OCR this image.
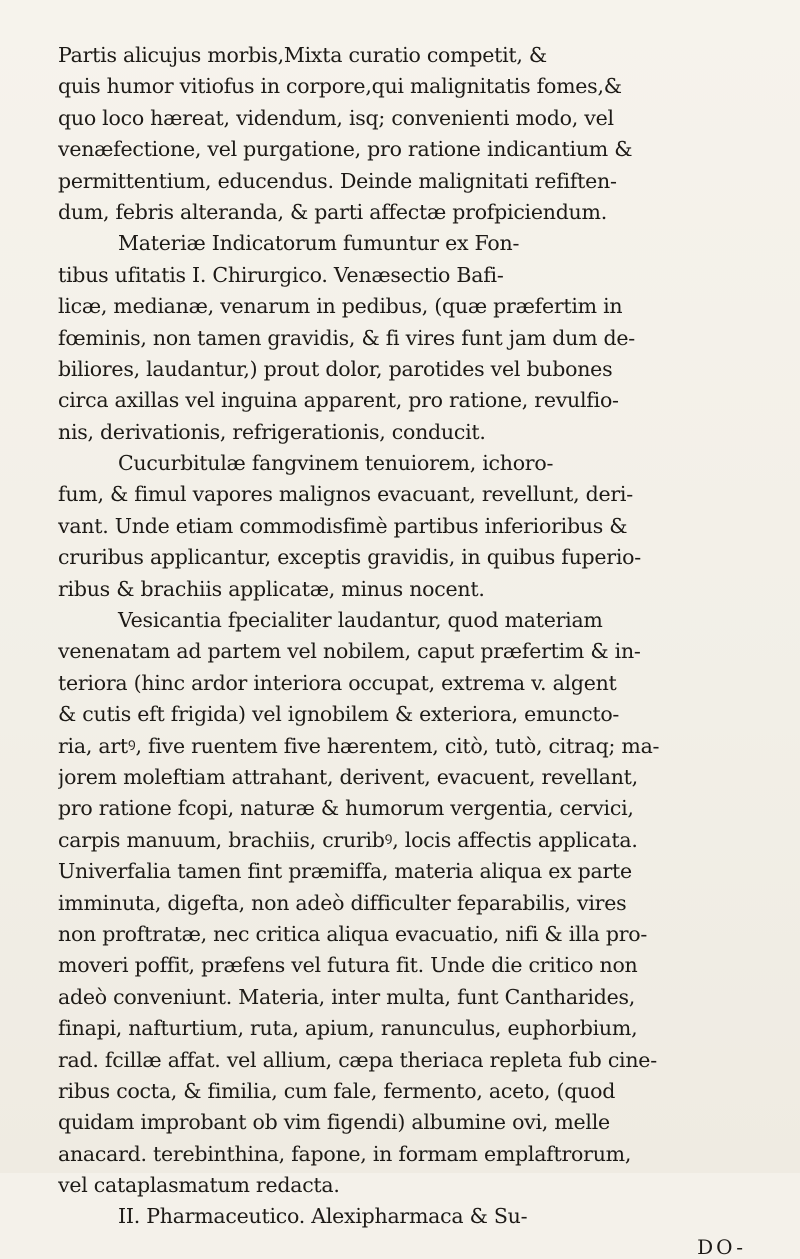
Partis alicujus morbis,Mixta curatio competit, &
quis humor vitiofus in corpore,qui malignitatis fomes,&
quo loco hæreat, videndum, isq; convenienti modo, vel
venæfectione, vel purgatione, pro ratione indicantium &
permittentium, educendus. Deinde malignitati refiften-
dum, febris alteranda, & parti affectæ profpiciendum.
Materiæ Indicatorum fumuntur ex Fon-
tibus ufitatis I. Chirurgico. Venæsectio Bafi-
licæ, medianæ, venarum in pedibus, (quæ præfertim in
fœminis, non tamen gravidis, & fi vires funt jam dum de-
biliores, laudantur,) prout dolor, parotides vel bubones
circa axillas vel inguina apparent, pro ratione, revulfio-
nis, derivationis, refrigerationis, conducit.
Cucurbitulæ fangvinem tenuiorem, ichoro-
fum, & fimul vapores malignos evacuant, revellunt, deri-
vant. Unde etiam commodisfimè partibus inferioribus &
cruribus applicantur, exceptis gravidis, in quibus fuperio-
ribus & brachiis applicatæ, minus nocent.
Vesicantia fpecialiter laudantur, quod materiam
venenatam ad partem vel nobilem, caput præfertim & in-
teriora (hinc ardor interiora occupat, extrema v. algent
& cutis eft frigida) vel ignobilem & exteriora, emuncto-
ria, artꝰ, five ruentem five hærentem, citò, tutò, citraq; ma-
jorem moleftiam attrahant, derivent, evacuent, revellant,
pro ratione fcopi, naturæ & humorum vergentia, cervici,
carpis manuum, brachiis, cruribꝰ, locis affectis applicata.
Univerfalia tamen fint præmiffa, materia aliqua ex parte
imminuta, digefta, non adeò difficulter feparabilis, vires
non proftratæ, nec critica aliqua evacuatio, nifi & illa pro-
moveri poffit, præfens vel futura fit. Unde die critico non
adeò conveniunt. Materia, inter multa, funt Cantharides,
finapi, nafturtium, ruta, apium, ranunculus, euphorbium,
rad. fcillæ affat. vel allium, cæpa theriaca repleta fub cine-
ribus cocta, & fimilia, cum fale, fermento, aceto, (quod
quidam improbant ob vim figendi) albumine ovi, melle
anacard. terebinthina, fapone, in formam emplaftrorum,
vel cataplasmatum redacta.
II. Pharmaceutico. Alexipharmaca & Su-
DO-
